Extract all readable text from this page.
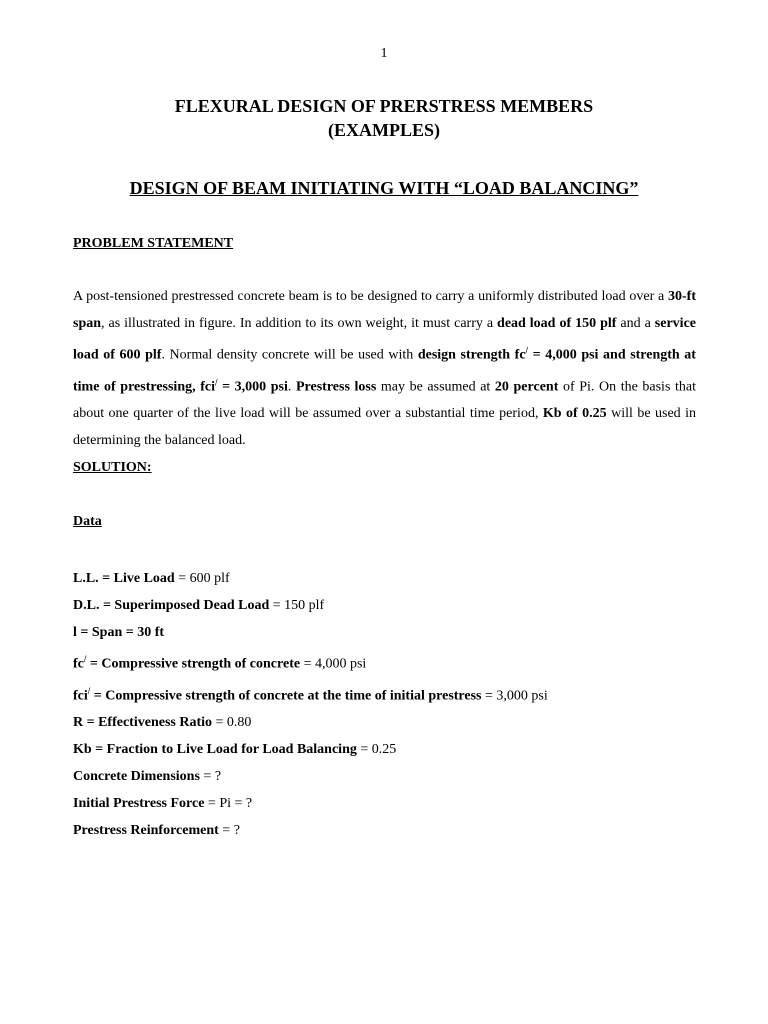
1
FLEXURAL DESIGN OF PRERSTRESS MEMBERS
(EXAMPLES)
DESIGN OF BEAM INITIATING WITH “LOAD BALANCING”
PROBLEM STATEMENT

A post-tensioned prestressed concrete beam is to be designed to carry a uniformly distributed load over a 30-ft span, as illustrated in figure. In addition to its own weight, it must carry a dead load of 150 plf and a service load of 600 plf. Normal density concrete will be used with design strength fc/ = 4,000 psi and strength at time of prestressing, fci/ = 3,000 psi. Prestress loss may be assumed at 20 percent of Pi. On the basis that about one quarter of the live load will be assumed over a substantial time period, Kb of 0.25 will be used in determining the balanced load.

SOLUTION:
Data
L.L. = Live Load = 600 plf
D.L. = Superimposed Dead Load = 150 plf
l = Span = 30 ft
fc/ = Compressive strength of concrete = 4,000 psi
fci/ = Compressive strength of concrete at the time of initial prestress = 3,000 psi
R = Effectiveness Ratio = 0.80
Kb = Fraction to Live Load for Load Balancing = 0.25
Concrete Dimensions = ?
Initial Prestress Force = Pi = ?
Prestress Reinforcement = ?
